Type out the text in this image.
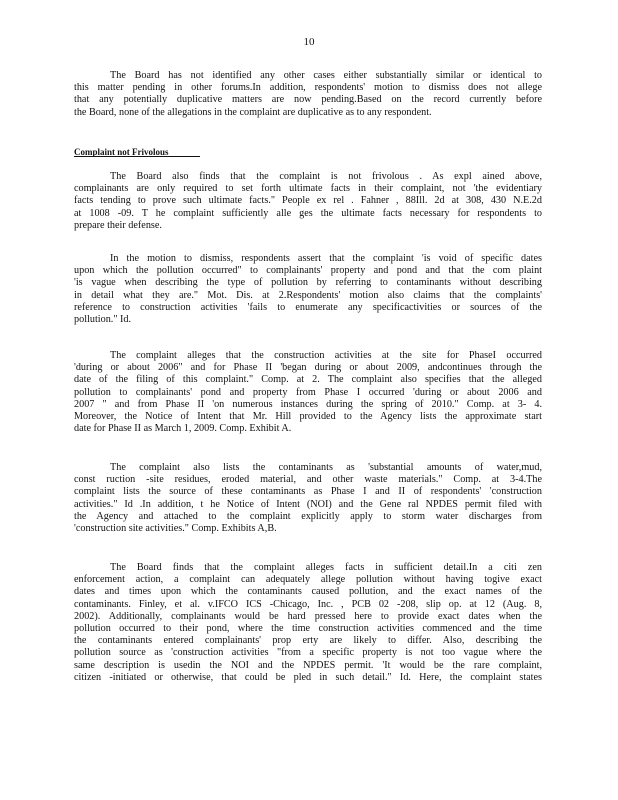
10

The Board has not identified any other cases either substantially similar or identical to
this matter pending in other forums.In addition, respondents' motion to dismiss does not allege
that any potentially duplicative matters are now pending.Based on the record currently before
the Board, none of the allegations in the complaint are duplicative as to any respondent.

Complaint not Frivolous

The Board also finds that the complaint is not frivolous . As expl ained above,
complainants are only required to set forth ultimate facts in their complaint, not 'the evidentiary
facts tending to prove such ultimate facts." People ex rel . Fahner , 88Ill. 2d at 308, 430 N.E.2d
at 1008 -09. T he complaint sufficiently alle ges the ultimate facts necessary for respondents to
prepare their defense.

In the motion to dismiss, respondents assert that the complaint 'is void of specific dates
upon which the pollution occurred" to complainants' property and pond and that the com plaint
'is vague when describing the type of pollution by referring to contaminants without describing
in detail what they are." Mot. Dis. at 2.Respondents' motion also claims that the complaints'
reference to construction activities 'fails to enumerate any specificactivities or sources of the
pollution." Id.

The complaint alleges that the construction activities at the site for PhaseI occurred
'during or about 2006" and for Phase II 'began during or about 2009, andcontinues through the
date of the filing of this complaint." Comp. at 2. The complaint also specifies that the alleged
pollution to complainants' pond and property from Phase I occurred 'during or about 2006 and
2007 " and from Phase II 'on numerous instances during the spring of 2010." Comp. at 3- 4.
Moreover, the Notice of Intent that Mr. Hill provided to the Agency lists the approximate start
date for Phase II as March 1, 2009. Comp. Exhibit A.

The complaint also lists the contaminants as 'substantial amounts of water,mud,
const ruction -site residues, eroded material, and other waste materials." Comp. at 3-4.The
complaint lists the source of these contaminants as Phase I and II of respondents' 'construction
activities." Id .In addition, t he Notice of Intent (NOI) and the Gene ral NPDES permit filed with
the Agency and attached to the complaint explicitly apply to storm water discharges from
'construction site activities." Comp. Exhibits A,B.

The Board finds that the complaint alleges facts in sufficient detail.In a citi zen
enforcement action, a complaint can adequately allege pollution without having togive exact
dates and times upon which the contaminants caused pollution, and the exact names of the
contaminants. Finley, et al. v.IFCO ICS -Chicago, Inc. , PCB 02 -208, slip op. at 12 (Aug. 8,
2002). Additionally, complainants would be hard pressed here to provide exact dates when the
pollution occurred to their pond, where the time construction activities commenced and the time
the contaminants entered complainants' prop erty are likely to differ. Also, describing the
pollution source as 'construction activities "from a specific property is not too vague where the
same description is usedin the NOI and the NPDES permit. 'It would be the rare complaint,
citizen -initiated or otherwise, that could be pled in such detail." Id. Here, the complaint states
